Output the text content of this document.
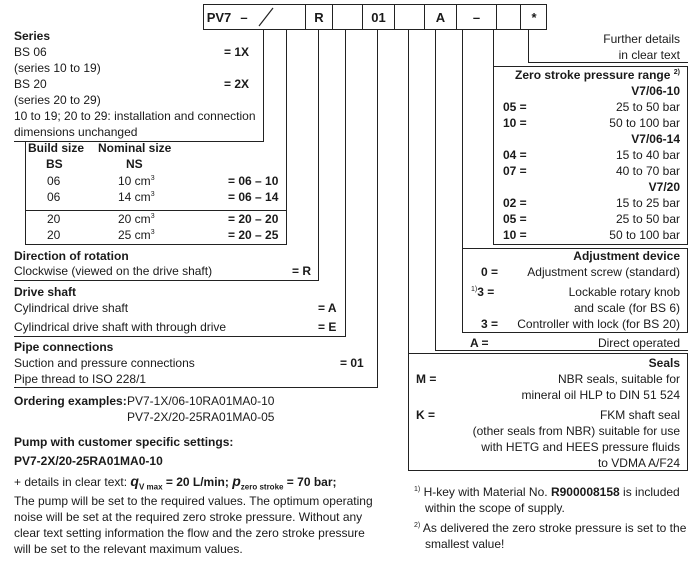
PV7 –	R	01	A	–	*
Series
BS 06	= 1X
(series 10 to 19)
BS 20	= 2X
(series 20 to 29)
10 to 19; 20 to 29: installation and connection
dimensions unchanged
Build size Nominal size
BS	NS
06	10 $cm^3$	= 06 – 10
06	14 $cm^3$	= 06 – 14
20	20 $cm^3$	= 20 – 20
20	25 $cm^3$	= 20 – 25
Direction of rotation
Clockwise (viewed on the drive shaft)	= R
Drive shaft
Cylindrical drive shaft	= A
Cylindrical drive shaft with through drive	= E
Pipe connections
Suction and pressure connections	= 01
Pipe thread to ISO 228/1
Ordering examples: PV7-1X/06-10RA01MA0-10
PV7-2X/20-25RA01MA0-05
Pump with customer specific settings:
PV7-2X/20-25RA01MA0-10
+ details in clear text: $q_{V max} = 20$ L/min; $p_{zero stroke} = 70$ bar;
The pump will be set to the required values. The optimum operating
noise will be set at the required zero stroke pressure. Without any
clear text setting information the flow and the zero stroke pressure
will be set to the relevant maximum values.
Further details
in clear text
Zero stroke pressure range $^{2)}$
V7/06-10
05 =	25 to 50 bar
10 =	50 to 100 bar
V7/06-14
04 =	15 to 40 bar
07 =	40 to 70 bar
V7/20
02 =	15 to 25 bar
05 =	25 to 50 bar
10 =	50 to 100 bar
Adjustment device
0 = Adjustment screw (standard)
$^{1)}$3 =	Lockable rotary knob
and scale (for BS 6)
3 = Controller with lock (for BS 20)
A =	Direct operated
Seals
M =	NBR seals, suitable for
mineral oil HLP to DIN 51 524
K =	FKM shaft seal
(other seals from NBR) suitable for use
with HETG and HEES pressure fluids
to VDMA A/F24
$^{1)}$ H-key with Material No. R900008158 is included
within the scope of supply.
$^{2)}$ As delivered the zero stroke pressure is set to the
smallest value!
